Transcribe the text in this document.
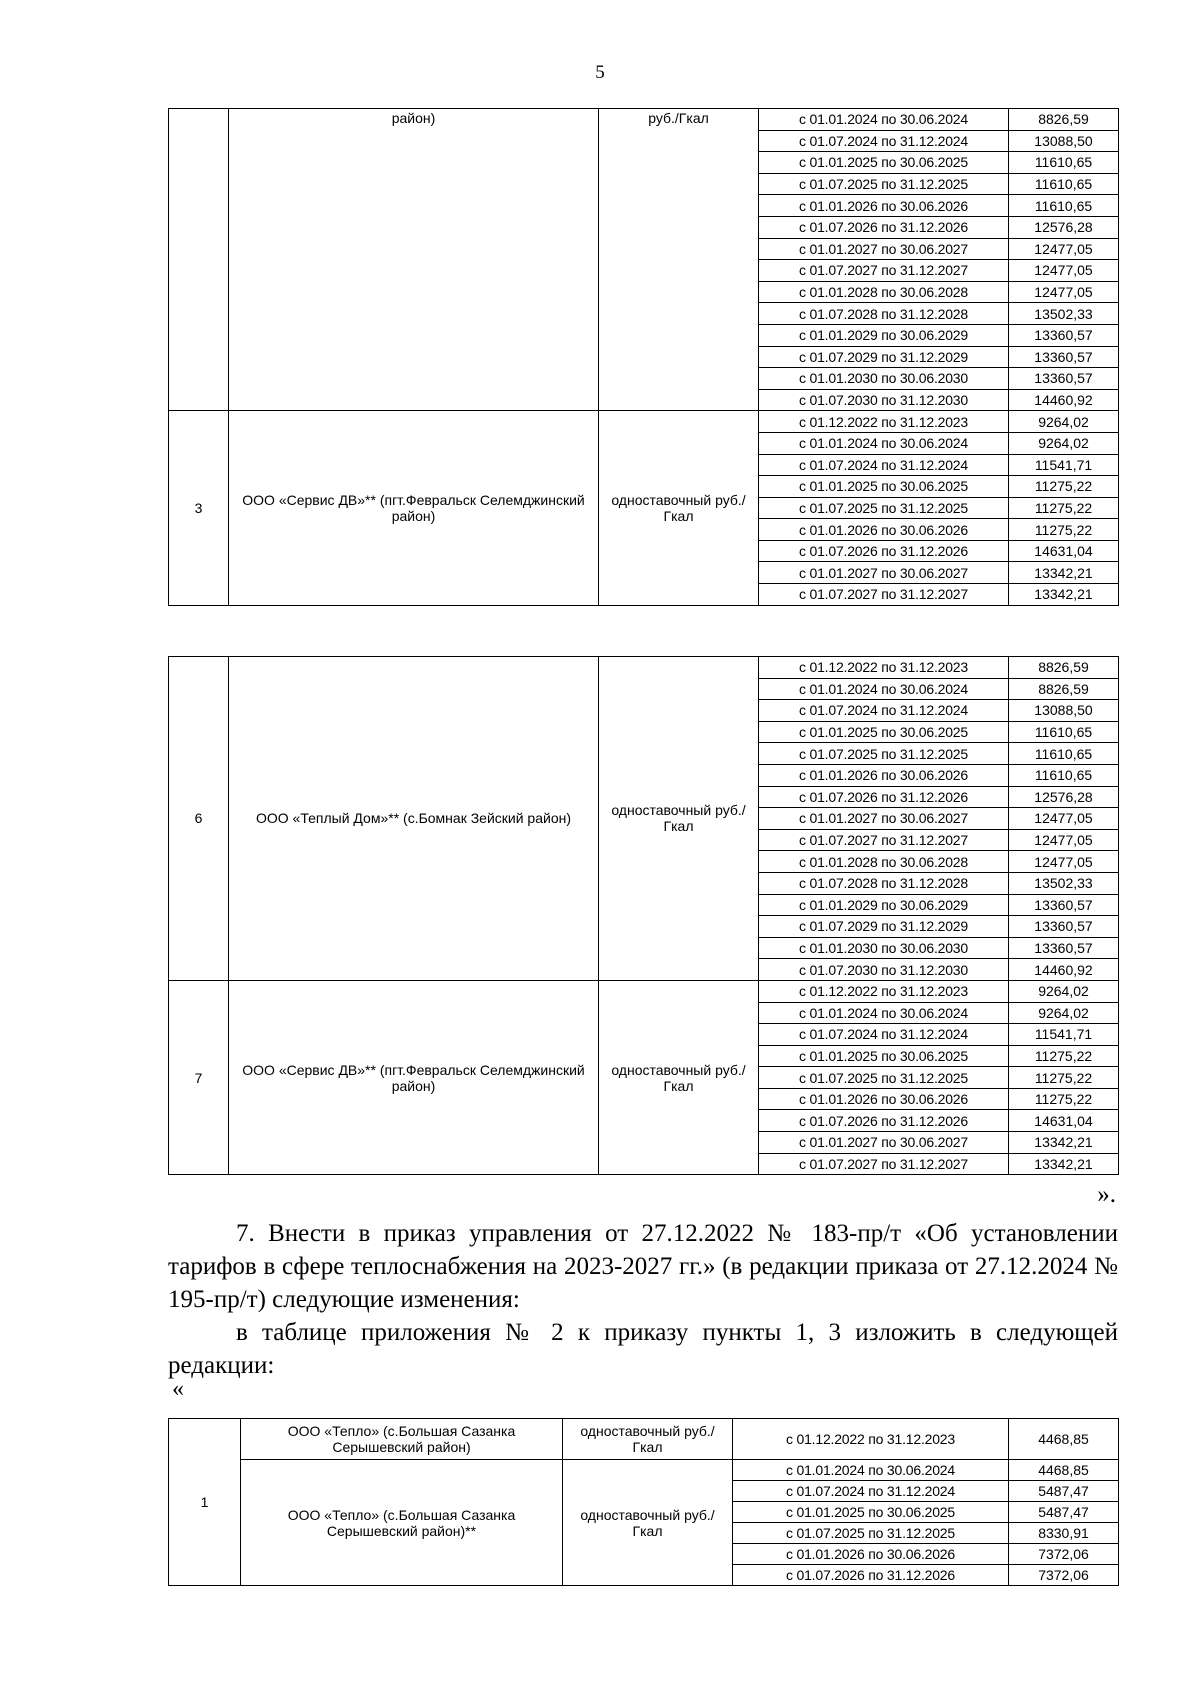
5
	район)	руб./Гкал	с 01.01.2024 по 30.06.2024	8826,59
			с 01.07.2024 по 31.12.2024	13088,50
			с 01.01.2025 по 30.06.2025	11610,65
			с 01.07.2025 по 31.12.2025	11610,65
			с 01.01.2026 по 30.06.2026	11610,65
			с 01.07.2026 по 31.12.2026	12576,28
			с 01.01.2027 по 30.06.2027	12477,05
			с 01.07.2027 по 31.12.2027	12477,05
			с 01.01.2028 по 30.06.2028	12477,05
			с 01.07.2028 по 31.12.2028	13502,33
			с 01.01.2029 по 30.06.2029	13360,57
			с 01.07.2029 по 31.12.2029	13360,57
			с 01.01.2030 по 30.06.2030	13360,57
			с 01.07.2030 по 31.12.2030	14460,92
3	ООО «Сервис ДВ»** (пгт.Февральск Селемджинский район)	одноставочный руб./Гкал	с 01.12.2022 по 31.12.2023	9264,02
			с 01.01.2024 по 30.06.2024	9264,02
			с 01.07.2024 по 31.12.2024	11541,71
			с 01.01.2025 по 30.06.2025	11275,22
			с 01.07.2025 по 31.12.2025	11275,22
			с 01.01.2026 по 30.06.2026	11275,22
			с 01.07.2026 по 31.12.2026	14631,04
			с 01.01.2027 по 30.06.2027	13342,21
			с 01.07.2027 по 31.12.2027	13342,21
6	ООО «Теплый Дом»** (с.Бомнак Зейский район)	одноставочный руб./Гкал	с 01.12.2022 по 31.12.2023	8826,59
			с 01.01.2024 по 30.06.2024	8826,59
			с 01.07.2024 по 31.12.2024	13088,50
			с 01.01.2025 по 30.06.2025	11610,65
			с 01.07.2025 по 31.12.2025	11610,65
			с 01.01.2026 по 30.06.2026	11610,65
			с 01.07.2026 по 31.12.2026	12576,28
			с 01.01.2027 по 30.06.2027	12477,05
			с 01.07.2027 по 31.12.2027	12477,05
			с 01.01.2028 по 30.06.2028	12477,05
			с 01.07.2028 по 31.12.2028	13502,33
			с 01.01.2029 по 30.06.2029	13360,57
			с 01.07.2029 по 31.12.2029	13360,57
			с 01.01.2030 по 30.06.2030	13360,57
			с 01.07.2030 по 31.12.2030	14460,92
7	ООО «Сервис ДВ»** (пгт.Февральск Селемджинский район)	одноставочный руб./Гкал	с 01.12.2022 по 31.12.2023	9264,02
			с 01.01.2024 по 30.06.2024	9264,02
			с 01.07.2024 по 31.12.2024	11541,71
			с 01.01.2025 по 30.06.2025	11275,22
			с 01.07.2025 по 31.12.2025	11275,22
			с 01.01.2026 по 30.06.2026	11275,22
			с 01.07.2026 по 31.12.2026	14631,04
			с 01.01.2027 по 30.06.2027	13342,21
			с 01.07.2027 по 31.12.2027	13342,21
».
7. Внести в приказ управления от 27.12.2022 № 183-пр/т «Об установлении тарифов в сфере теплоснабжения на 2023-2027 гг.» (в редакции приказа от 27.12.2024 № 195-пр/т) следующие изменения:
в таблице приложения № 2 к приказу пункты 1, 3 изложить в следующей редакции:
«
1	ООО «Тепло» (с.Большая Сазанка Серышевский район)	одноставочный руб./Гкал	с 01.12.2022 по 31.12.2023	4468,85
	ООО «Тепло» (с.Большая Сазанка Серышевский район)**	одноставочный руб./Гкал	с 01.01.2024 по 30.06.2024	4468,85
			с 01.07.2024 по 31.12.2024	5487,47
			с 01.01.2025 по 30.06.2025	5487,47
			с 01.07.2025 по 31.12.2025	8330,91
			с 01.01.2026 по 30.06.2026	7372,06
			с 01.07.2026 по 31.12.2026	7372,06
